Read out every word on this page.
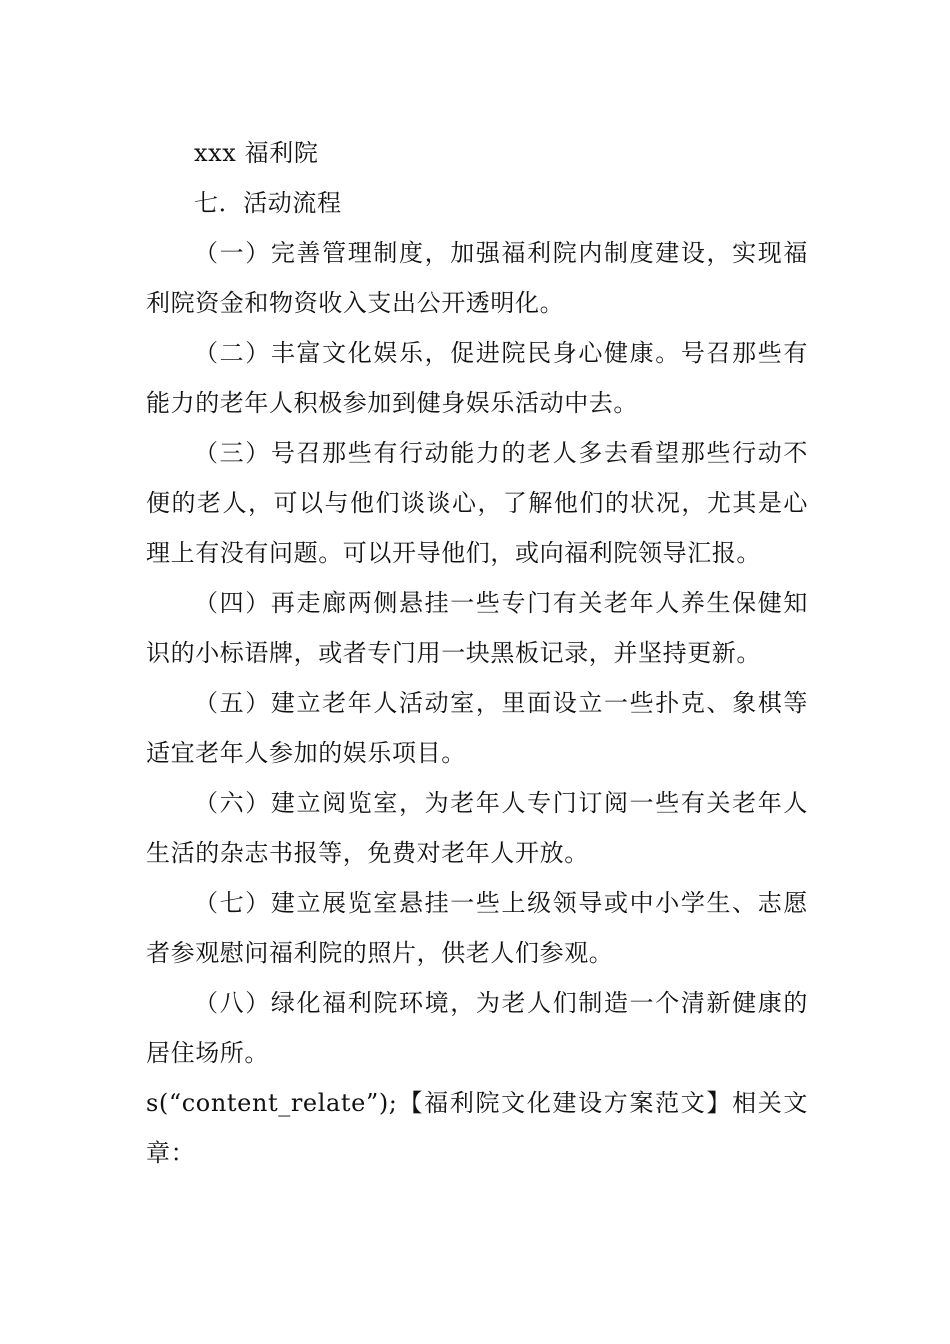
xxx 福利院

七．活动流程

（一）完善管理制度，加强福利院内制度建设，实现福利院资金和物资收入支出公开透明化。

（二）丰富文化娱乐，促进院民身心健康。号召那些有能力的老年人积极参加到健身娱乐活动中去。

（三）号召那些有行动能力的老人多去看望那些行动不便的老人，可以与他们谈谈心，了解他们的状况，尤其是心理上有没有问题。可以开导他们，或向福利院领导汇报。

（四）再走廊两侧悬挂一些专门有关老年人养生保健知识的小标语牌，或者专门用一块黑板记录，并坚持更新。

（五）建立老年人活动室，里面设立一些扑克、象棋等适宜老年人参加的娱乐项目。

（六）建立阅览室，为老年人专门订阅一些有关老年人生活的杂志书报等，免费对老年人开放。

（七）建立展览室悬挂一些上级领导或中小学生、志愿者参观慰问福利院的照片，供老人们参观。

（八）绿化福利院环境，为老人们制造一个清新健康的居住场所。

s(“content_relate”);【福利院文化建设方案范文】相关文章：
